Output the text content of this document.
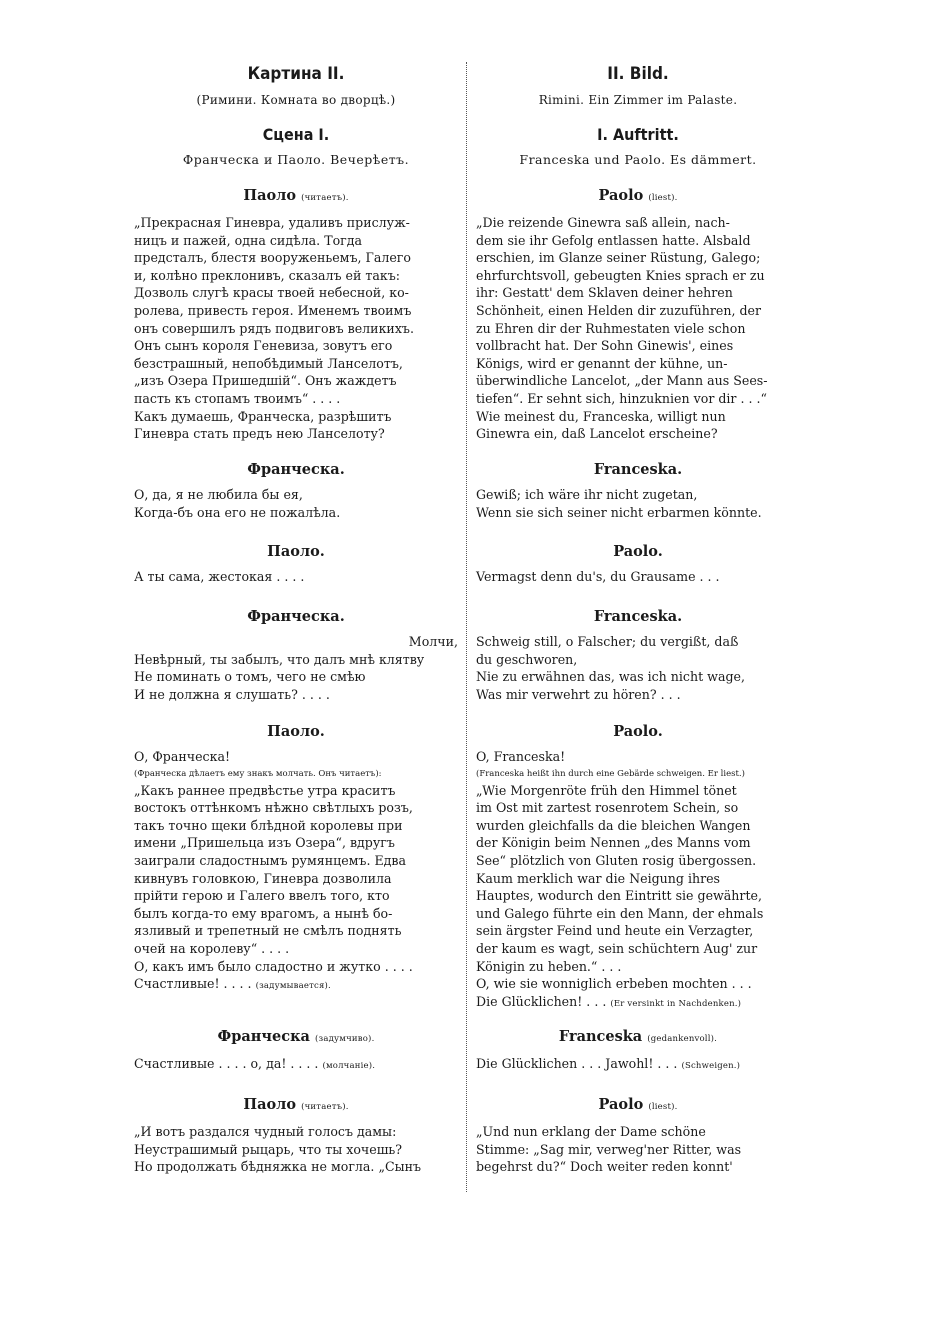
Картина II.

(Римини. Комната во дворцѣ.)

Сцена I.

Франческа и Паоло. Вечерѣетъ.

Паоло (читаетъ).

„Прекрасная Гиневра, удаливъ прислуж-
ницъ и пажей, одна сидѣла. Тогда
предсталъ, блестя вооруженьемъ, Галего
и, колѣно преклонивъ, сказалъ ей такъ:
Дозволь слугѣ красы твоей небесной, ко-
ролева, привесть героя. Именемъ твоимъ
онъ совершилъ рядъ подвиговъ великихъ.
Онъ сынъ короля Геневиза, зовутъ его
безстрашный, непобѣдимый Ланселотъ,
„изъ Озера Пришедшій“. Онъ жаждетъ
пасть къ стопамъ твоимъ“ . . . .
Какъ думаешь, Франческа, разрѣшитъ
Гиневра стать предъ нею Ланселоту?

Франческа.

О, да, я не любила бы ея,
Когда-бъ она его не пожалѣла.

Паоло.

А ты сама, жестокая . . . .

Франческа.

Молчи,

Невѣрный, ты забылъ, что далъ мнѣ клятву
Не поминать о томъ, чего не смѣю
И не должна я слушать? . . . .

Паоло.

О, Франческа!

(Франческа дѣлаетъ ему знакъ молчать. Онъ читаетъ):

„Какъ раннее предвѣстье утра краситъ
востокъ оттѣнкомъ нѣжно свѣтлыхъ розъ,
такъ точно щеки блѣдной королевы при
имени „Пришельца изъ Озера“, вдругъ
заиграли сладостнымъ румянцемъ. Едва
кивнувъ головкою, Гиневра дозволила
прійти герою и Галего ввелъ того, кто
былъ когда-то ему врагомъ, а нынѣ бо-
язливый и трепетный не смѣлъ поднять
очей на королеву“ . . . .
О, какъ имъ было сладостно и жутко . . . .

Счастливые! . . . . (задумывается).

Франческа (задумчиво).

Счастливые . . . . о, да! . . . . (молчаніе).

Паоло (читаетъ).

„И вотъ раздался чудный голосъ дамы:
Неустрашимый рыцарь, что ты хочешь?
Но продолжать бѣдняжка не могла. „Сынъ

II. Bild.

Rimini. Ein Zimmer im Palaste.

I. Auftritt.

Franceska und Paolo. Es dämmert.

Paolo (liest).

„Die reizende Ginewra saß allein, nach-
dem sie ihr Gefolg entlassen hatte. Alsbald
erschien, im Glanze seiner Rüstung, Galego;
ehrfurchtsvoll, gebeugten Knies sprach er zu
ihr: Gestatt' dem Sklaven deiner hehren
Schönheit, einen Helden dir zuzuführen, der
zu Ehren dir der Ruhmestaten viele schon
vollbracht hat. Der Sohn Ginewis', eines
Königs, wird er genannt der kühne, un-
überwindliche Lancelot, „der Mann aus Sees-
tiefen“. Er sehnt sich, hinzuknien vor dir . . .“
Wie meinest du, Franceska, willigt nun
Ginewra ein, daß Lancelot erscheine?

Franceska.

Gewiß; ich wäre ihr nicht zugetan,
Wenn sie sich seiner nicht erbarmen könnte.

Paolo.

Vermagst denn du's, du Grausame . . .

Franceska.

Schweig still, o Falscher; du vergißt, daß
du geschworen,
Nie zu erwähnen das, was ich nicht wage,
Was mir verwehrt zu hören? . . .

Paolo.

O, Franceska!

(Franceska heißt ihn durch eine Gebärde schweigen. Er liest.)

„Wie Morgenröte früh den Himmel tönet
im Ost mit zartest rosenrotem Schein, so
wurden gleichfalls da die bleichen Wangen
der Königin beim Nennen „des Manns vom
See“ plötzlich von Gluten rosig übergossen.
Kaum merklich war die Neigung ihres
Hauptes, wodurch den Eintritt sie gewährte,
und Galego führte ein den Mann, der ehmals
sein ärgster Feind und heute ein Verzagter,
der kaum es wagt, sein schüchtern Aug' zur
Königin zu heben.“ . . .
O, wie sie wonniglich erbeben mochten . . .

Die Glücklichen! . . . (Er versinkt in Nachdenken.)

Franceska (gedankenvoll).

Die Glücklichen . . . Jawohl! . . . (Schweigen.)

Paolo (liest).

„Und nun erklang der Dame schöne
Stimme: „Sag mir, verweg'ner Ritter, was
begehrst du?“ Doch weiter reden konnt'
